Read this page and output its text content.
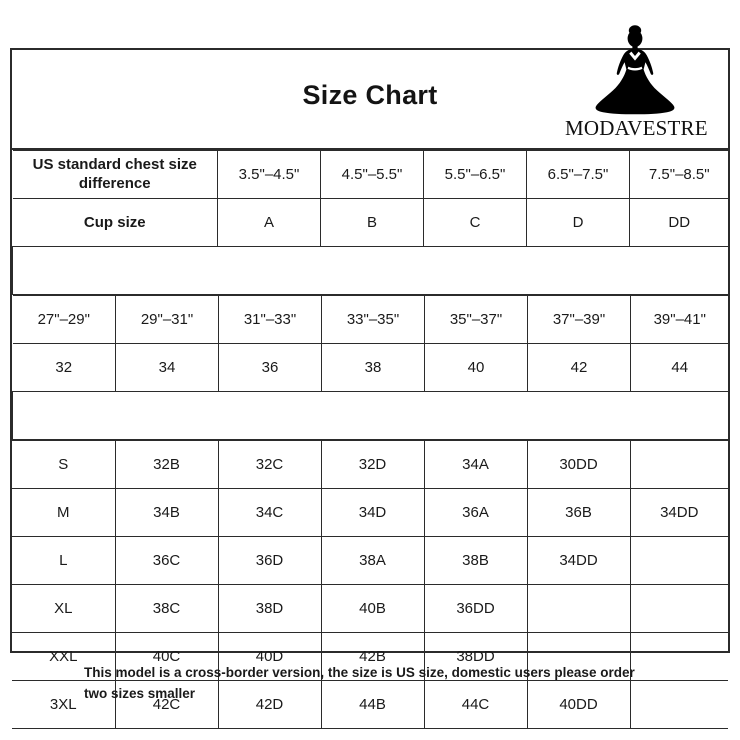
MODAVESTRE
Size Chart
US standard chest size difference	3.5"–4.5"	4.5"–5.5"	5.5"–6.5"	6.5"–7.5"	7.5"–8.5"
Cup size	A	B	C	D	DD

27"–29"	29"–31"	31"–33"	33"–35"	35"–37"	37"–39"	39"–41"
32	34	36	38	40	42	44

S	32B	32C	32D	34A	30DD	
M	34B	34C	34D	36A	36B	34DD
L	36C	36D	38A	38B	34DD	
XL	38C	38D	40B	36DD		
XXL	40C	40D	42B	38DD		
3XL	42C	42D	44B	44C	40DD	
This model is a cross-border version, the size is US size, domestic users please order two sizes smaller
